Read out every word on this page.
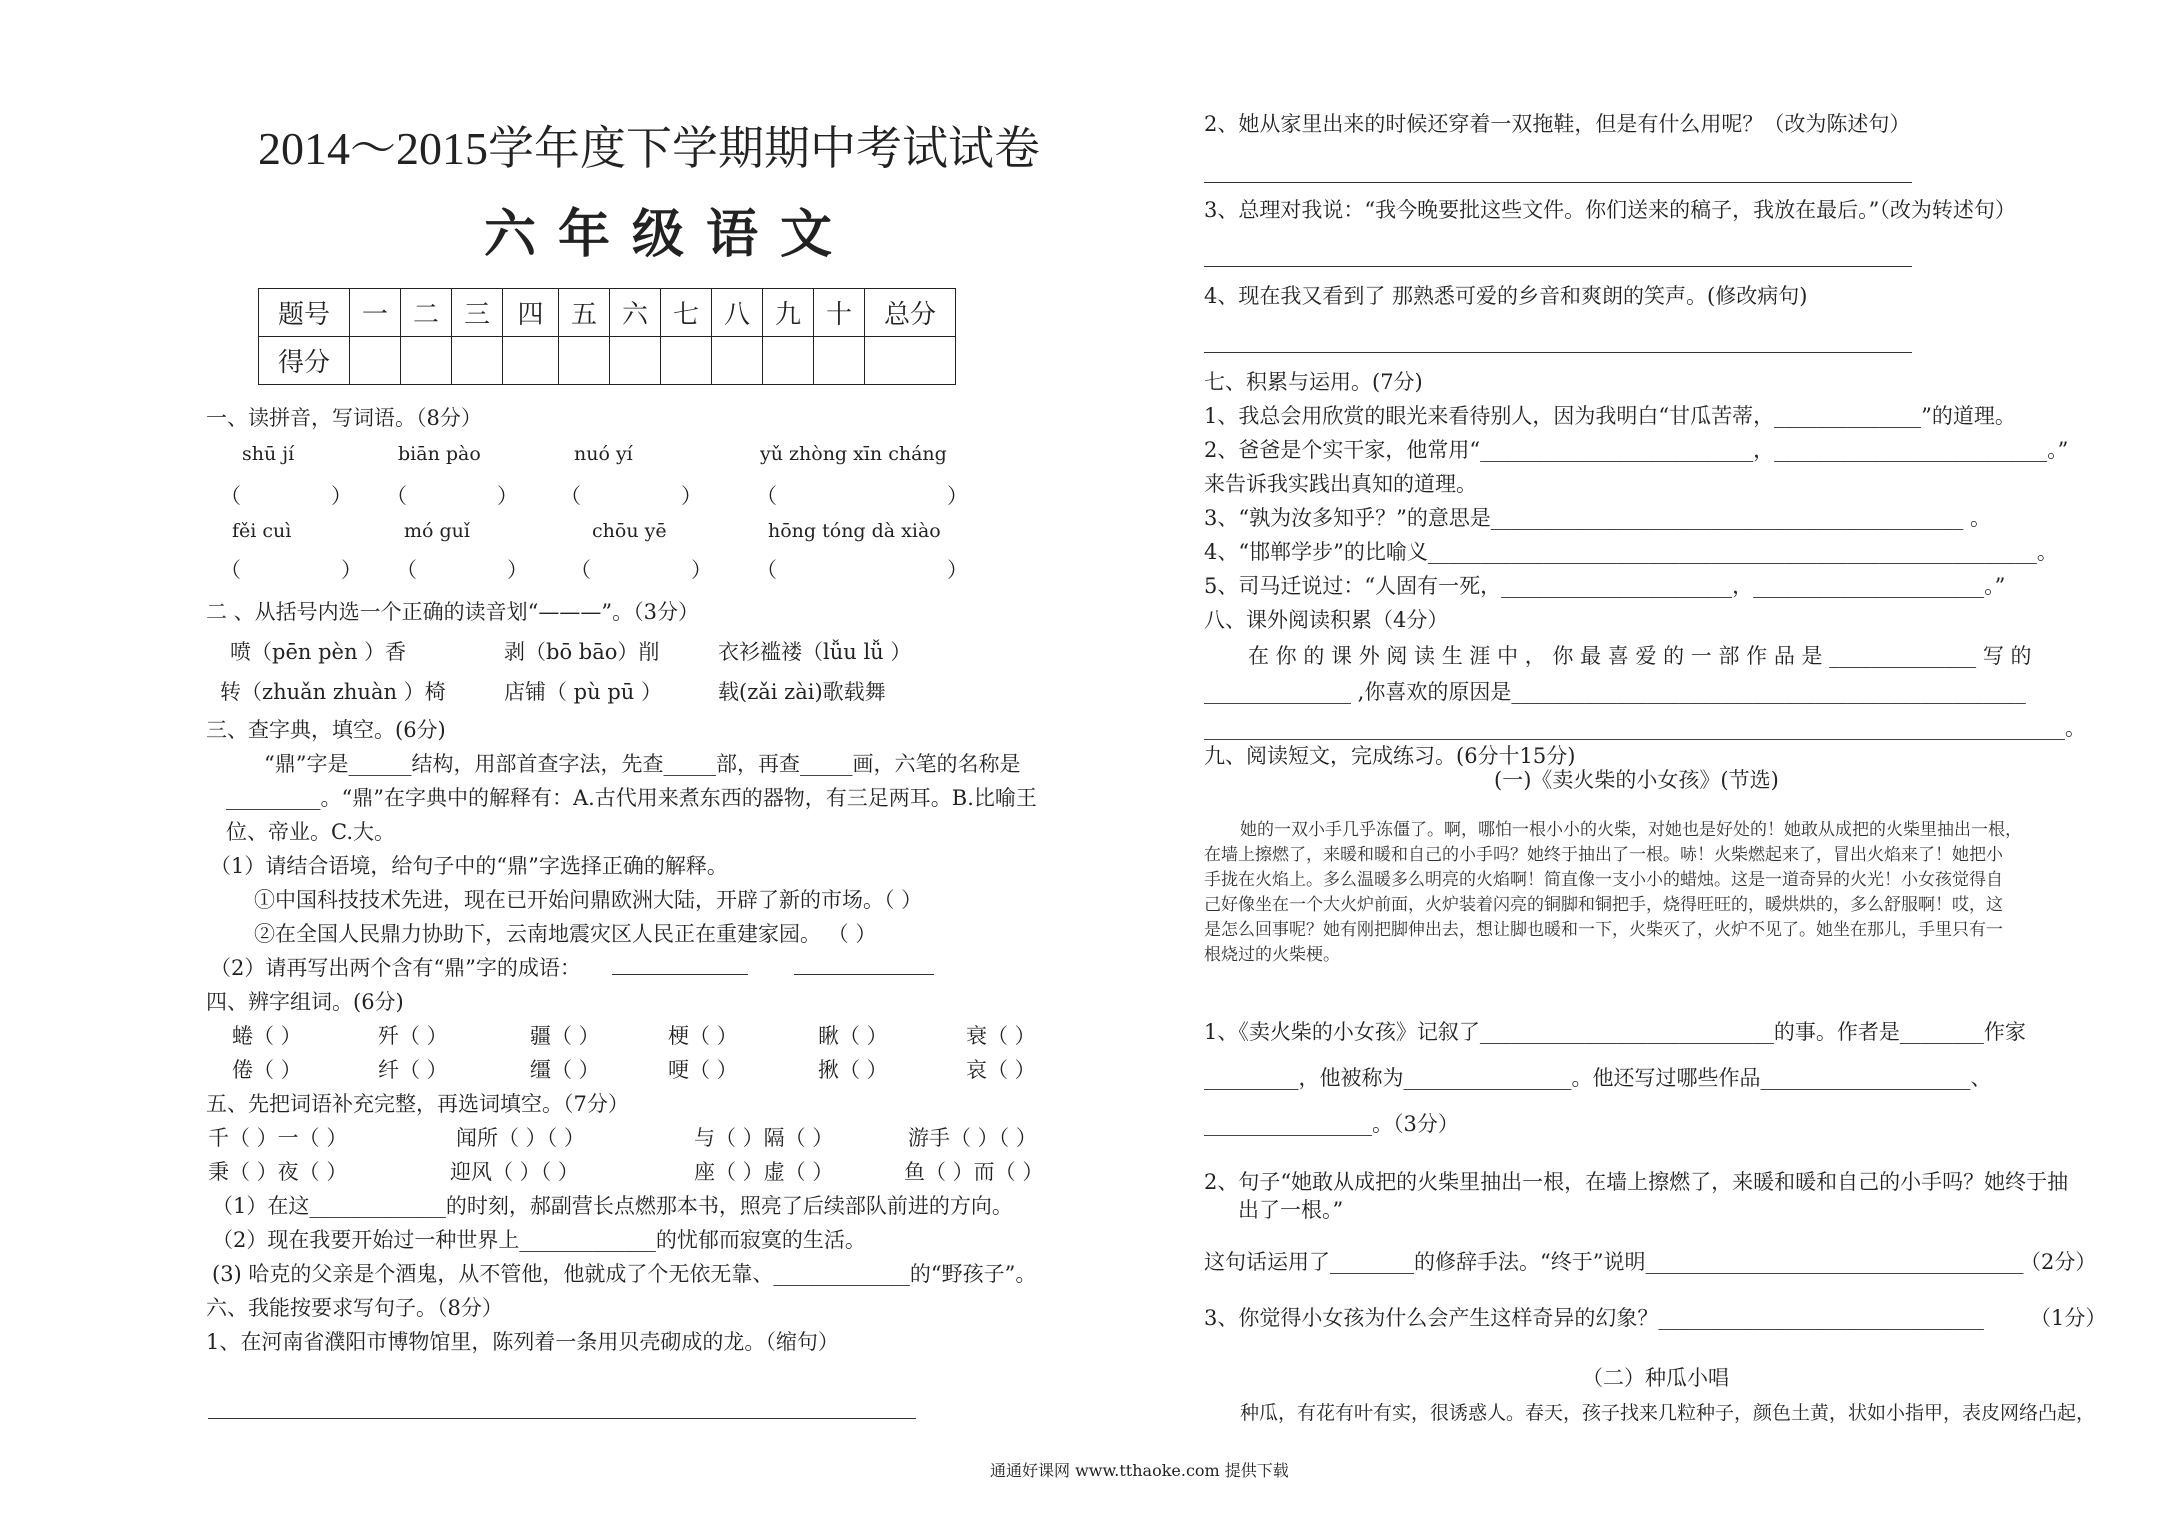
2014～2015学年度下学期期中考试试卷
六年级语文
题号	一	二	三	四	五	六	七	八	九	十	总分
得分											
一、读拼音，写词语。（8分）
shū jí	biān pào	nuó yí	yǔ zhòng xīn cháng
（	） （	） （	）	（	）
fěi cuì	mó guǐ	chōu yē	hōng tóng dà xiào
（	） （	） （	） （	）
二 、从括号内选一个正确的读音划“———”。（3分）
喷（pēn pèn ）香	剥（bō bāo）削	衣衫褴褛（lǚu lǚ ）
转（zhuǎn zhuàn ）椅	店铺（ pù pū ）	载(zǎi zài)歌载舞
三、查字典，填空。(6分)
“鼎”字是______结构，用部首查字法，先查_____部，再查_____画，六笔的名称是
_________。“鼎”在字典中的解释有：A.古代用来煮东西的器物，有三足两耳。B.比喻王
位、帝业。C.大。
（1）请结合语境，给句子中的“鼎”字选择正确的解释。
①中国科技技术先进，现在已开始问鼎欧洲大陆，开辟了新的市场。（ ）
②在全国人民鼎力协助下，云南地震灾区人民正在重建家园。 （ ）
（2）请再写出两个含有“鼎”字的成语：
四、辨字组词。(6分)
蜷（ ）	歼（ ）	疆（ ）	梗（ ）	瞅（ ）	衰（ ）
倦（ ）	纤（ ）	缰（ ）	哽（ ）	揪（ ）	哀（ ）
五、先把词语补充完整，再选词填空。（7分）
千（ ）一（ ）	闻所（ ）（ ）	与（ ）隔（ ）	游手（ ）（ ）
秉（ ）夜（ ）	迎风（ ）（ ）	座（ ）虚（ ）	鱼（ ）而（ ）
（1）在这_____________的时刻，郝副营长点燃那本书，照亮了后续部队前进的方向。
（2）现在我要开始过一种世界上_____________的忧郁而寂寞的生活。
(3) 哈克的父亲是个酒鬼，从不管他，他就成了个无依无靠、_____________的“野孩子”。
六、我能按要求写句子。（8分）
1、在河南省濮阳市博物馆里，陈列着一条用贝壳砌成的龙。（缩句）
2、她从家里出来的时候还穿着一双拖鞋，但是有什么用呢？（改为陈述句）
3、总理对我说：“我今晚要批这些文件。你们送来的稿子，我放在最后。”（改为转述句）
4、现在我又看到了 那熟悉可爱的乡音和爽朗的笑声。(修改病句)
七、积累与运用。(7分)
1、我总会用欣赏的眼光来看待别人，因为我明白“甘瓜苦蒂，______________”的道理。
2、爸爸是个实干家，他常用“__________________________，__________________________。”
来告诉我实践出真知的道理。
3、“孰为汝多知乎？”的意思是_____________________________________________ 。
4、“邯郸学步”的比喻义__________________________________________________________。
5、司马迁说过：“人固有一死，______________________，______________________。”
八、课外阅读积累（4分）
在 你 的 课 外 阅 读 生 涯 中 ， 你 最 喜 爱 的 一 部 作 品 是 ______________ 写 的
______________ ,你喜欢的原因是_________________________________________________
__________________________________________________________________________________。
九、阅读短文，完成练习。(6分十15分)
(一)《卖火柴的小女孩》(节选)
她的一双小手几乎冻僵了。啊，哪怕一根小小的火柴，对她也是好处的！她敢从成把的火柴里抽出一根，
在墙上擦燃了，来暖和暖和自己的小手吗？她终于抽出了一根。哧！火柴燃起来了，冒出火焰来了！她把小
手拢在火焰上。多么温暖多么明亮的火焰啊！简直像一支小小的蜡烛。这是一道奇异的火光！小女孩觉得自
己好像坐在一个大火炉前面，火炉装着闪亮的铜脚和铜把手，烧得旺旺的，暖烘烘的，多么舒服啊！哎，这
是怎么回事呢？她有刚把脚伸出去，想让脚也暖和一下，火柴灭了，火炉不见了。她坐在那儿，手里只有一
根烧过的火柴梗。
1、《卖火柴的小女孩》记叙了____________________________的事。作者是________作家
_________，他被称为________________。他还写过哪些作品____________________、
________________。（3分）
2、句子“她敢从成把的火柴里抽出一根，在墙上擦燃了，来暖和暖和自己的小手吗？她终于抽
出了一根。”
这句话运用了________的修辞手法。“终于”说明____________________________________
（2分）
3、你觉得小女孩为什么会产生这样奇异的幻象？_______________________________ （1分）
（二）种瓜小唱
种瓜，有花有叶有实，很诱惑人。春天，孩子找来几粒种子，颜色土黄，状如小指甲，表皮网络凸起，
通通好课网 www.tthaoke.com 提供下载
